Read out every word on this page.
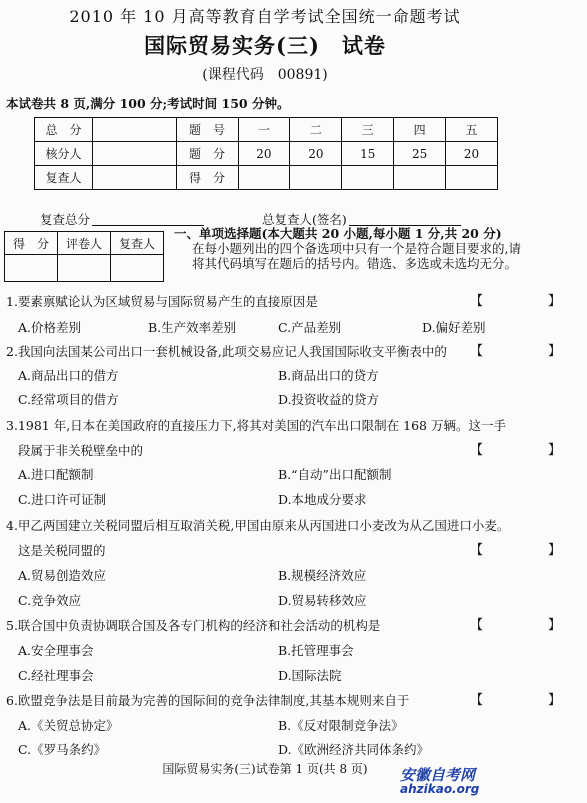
2010 年 10 月高等教育自学考试全国统一命题考试
国际贸易实务(三)　试卷
(课程代码　00891)
本试卷共 8 页,满分 100 分;考试时间 150 分钟。
总　分		题　号	一	二	三	四	五
核分人		题　分	20	20	15	25	20
复查人		得　分					
复查总分	总复查人(签名)
得　分	评卷人	复查人

一、单项选择题(本大题共 20 小题,每小题 1 分,共 20 分)

在每小题列出的四个备选项中只有一个是符合题目要求的,请将其代码填写在题后的括号内。错选、多选或未选均无分。
1.要素禀赋论认为区域贸易与国际贸易产生的直接原因是	【　】
A.价格差别	B.生产效率差别	C.产品差别	D.偏好差别
2.我国向法国某公司出口一套机械设备,此项交易应记人我国国际收支平衡表中的 【　】
A.商品出口的借方	B.商品出口的贷方
C.经常项目的借方	D.投资收益的贷方
3.1981 年,日本在美国政府的直接压力下,将其对美国的汽车出口限制在 168 万辆。这一手
段属于非关税壁垒中的	【　】
A.进口配额制	B.“自动”出口配额制
C.进口许可证制	D.本地成分要求
4.甲乙两国建立关税同盟后相互取消关税,甲国由原来从丙国进口小麦改为从乙国进口小麦。
这是关税同盟的	【　】
A.贸易创造效应	B.规模经济效应
C.竞争效应	D.贸易转移效应
5.联合国中负责协调联合国及各专门机构的经济和社会活动的机构是	【　】
A.安全理事会	B.托管理事会
C.经社理事会	D.国际法院
6.欧盟竞争法是目前最为完善的国际间的竞争法律制度,其基本规则来自于	【　】
A.《关贸总协定》	B.《反对限制竞争法》
C.《罗马条约》	D.《欧洲经济共同体条约》
国际贸易实务(三)试卷第 1 页(共 8 页)	安徽自考网
ahzikao.org
